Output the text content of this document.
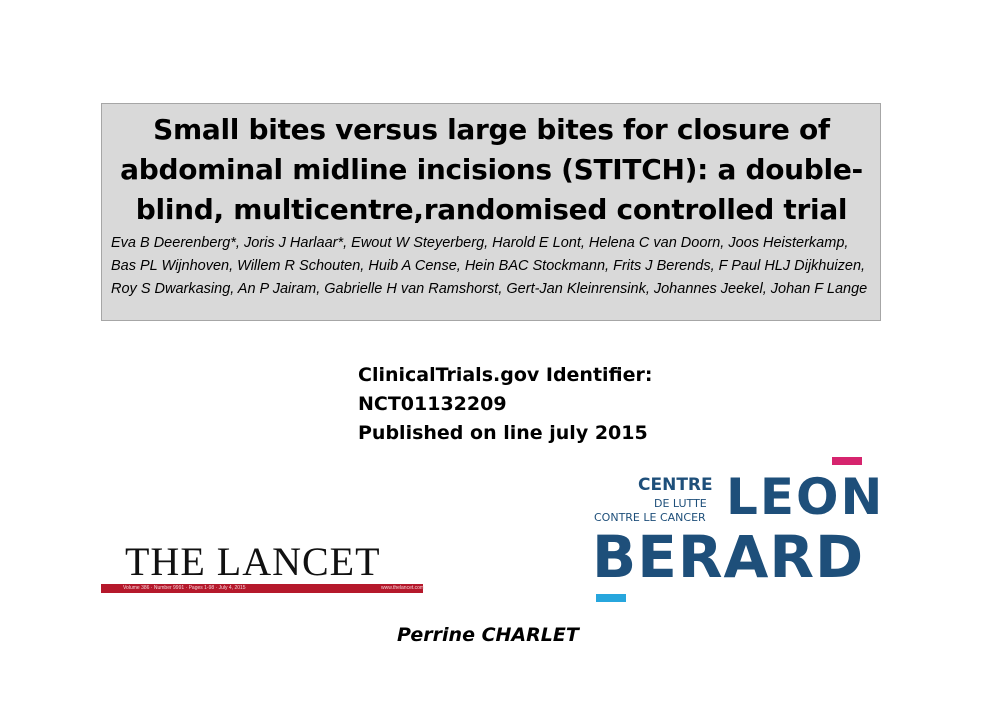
Small bites versus large bites for closure of abdominal midline incisions (STITCH): a double-blind, multicentre,randomised controlled trial

Eva B Deerenberg*, Joris J Harlaar*, Ewout W Steyerberg, Harold E Lont, Helena C van Doorn, Joos Heisterkamp, Bas PL Wijnhoven, Willem R Schouten, Huib A Cense, Hein BAC Stockmann, Frits J Berends, F Paul HLJ Dijkhuizen, Roy S Dwarkasing, An P Jairam, Gabrielle H van Ramshorst, Gert-Jan Kleinrensink, Johannes Jeekel, Johan F Lange

ClinicalTrials.gov Identifier:
NCT01132209
Published on line july 2015
THE LANCET
Volume 386 · Number 9991 · Pages 1-98 · July 4, 2015	www.thelancet.com
CENTRE
DE LUTTE
CONTRE LE CANCER LEON
BERARD
Perrine CHARLET
